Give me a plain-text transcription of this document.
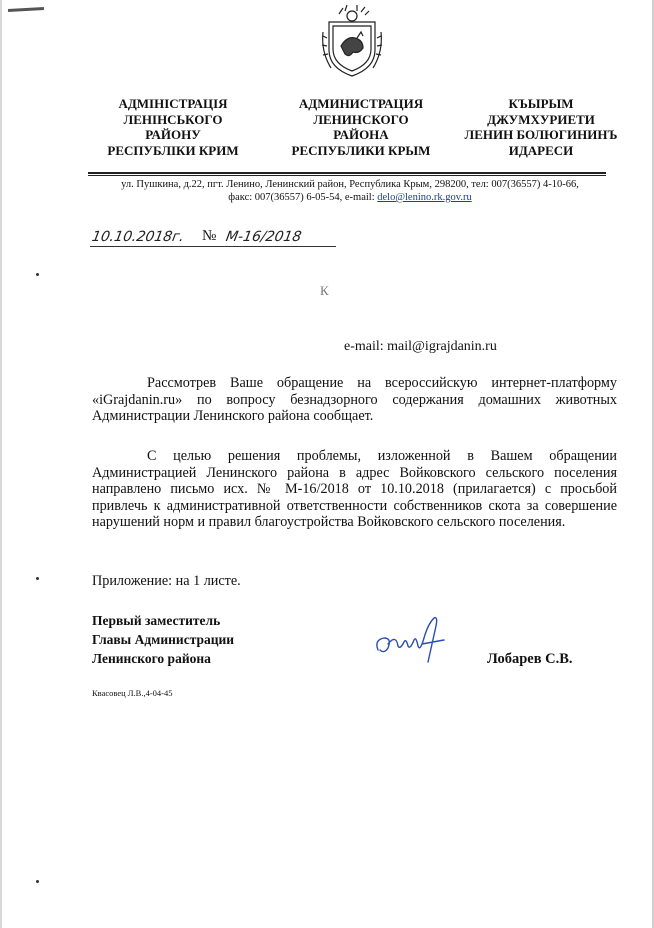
АДМІНІСТРАЦІЯ
ЛЕНІНСЬКОГО
РАЙОНУ
РЕСПУБЛІКИ КРИМ
АДМИНИСТРАЦИЯ
ЛЕНИНСКОГО
РАЙОНА
РЕСПУБЛИКИ КРЫМ
КЪЫРЫМ
ДЖУМХУРИЕТИ
ЛЕНИН БОЛЮГИНИНЪ
ИДАРЕСИ
ул. Пушкина, д.22, пгт. Ленино, Ленинский район, Республика Крым, 298200, тел: 007(36557) 4-10-66,
факс: 007(36557) 6-05-54, e-mail: delo@lenino.rk.gov.ru
10.10.2018г. № М-16/2018
К
e-mail: mail@igrajdanin.ru
Рассмотрев Ваше обращение на всероссийскую интернет-платформу «iGrajdanin.ru» по вопросу безнадзорного содержания домашних животных Администрации Ленинского района сообщает.
С целью решения проблемы, изложенной в Вашем обращении Администрацией Ленинского района в адрес Войковского сельского поселения направлено письмо исх. № М-16/2018 от 10.10.2018 (прилагается) с просьбой привлечь к административной ответственности собственников скота за совершение нарушений норм и правил благоустройства Войковского сельского поселения.
Приложение: на 1 листе.
Первый заместитель
Главы Администрации
Ленинского района	Лобарев С.В.
Квасовец Л.В.,4-04-45
